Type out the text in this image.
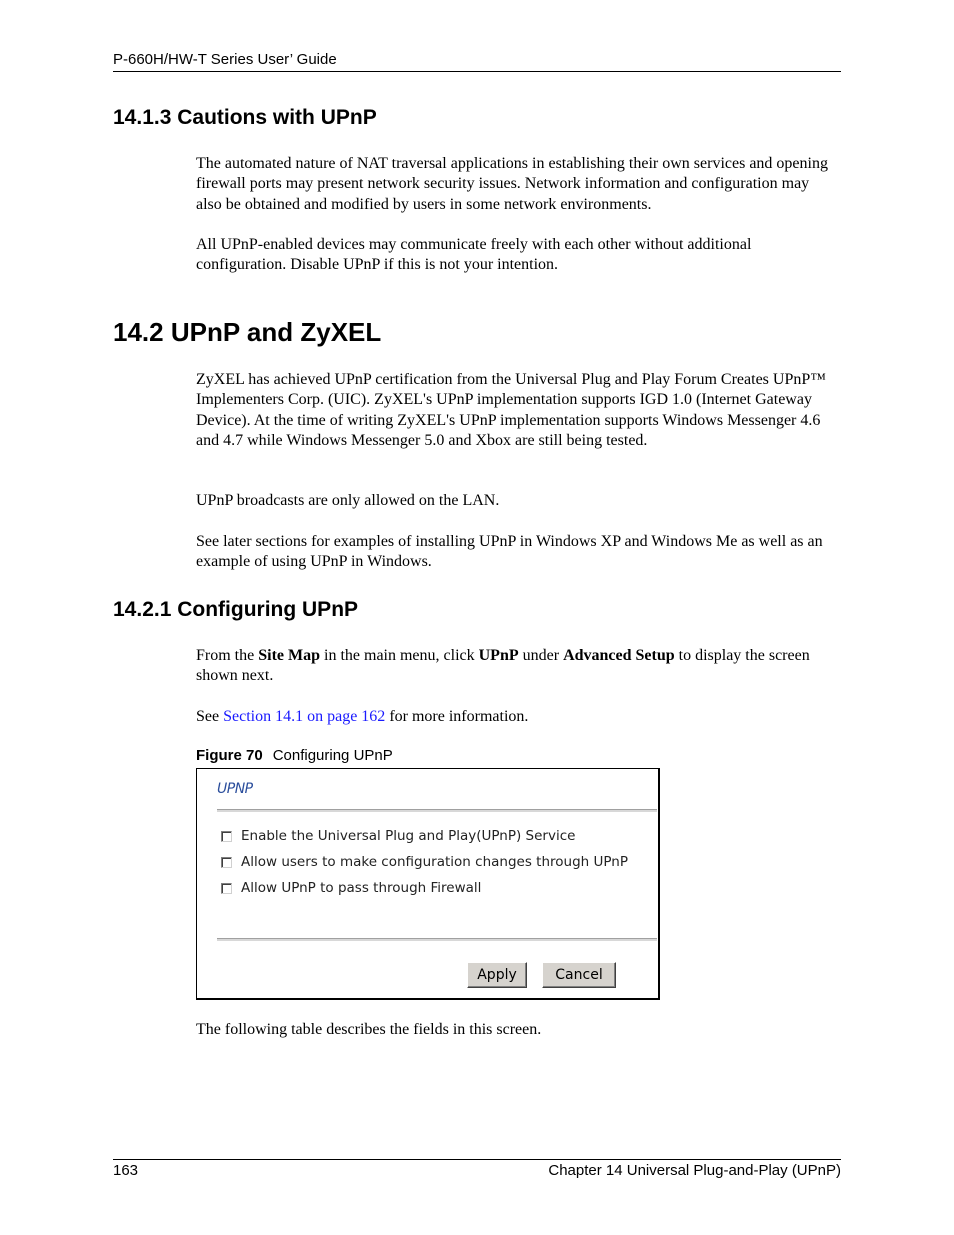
P-660H/HW-T Series User’ Guide
14.1.3 Cautions with UPnP
The automated nature of NAT traversal applications in establishing their own services and opening firewall ports may present network security issues. Network information and configuration may also be obtained and modified by users in some network environments.
All UPnP-enabled devices may communicate freely with each other without additional configuration. Disable UPnP if this is not your intention.
14.2 UPnP and ZyXEL
ZyXEL has achieved UPnP certification from the Universal Plug and Play Forum Creates UPnP™ Implementers Corp. (UIC). ZyXEL's UPnP implementation supports IGD 1.0 (Internet Gateway Device). At the time of writing ZyXEL's UPnP implementation supports Windows Messenger 4.6 and 4.7 while Windows Messenger 5.0 and Xbox are still being tested.
UPnP broadcasts are only allowed on the LAN.
See later sections for examples of installing UPnP in Windows XP and Windows Me as well as an example of using UPnP in Windows.
14.2.1 Configuring UPnP
From the Site Map in the main menu, click UPnP under Advanced Setup to display the screen shown next.
See Section 14.1 on page 162 for more information.
Figure 70 Configuring UPnP
UPNP
Enable the Universal Plug and Play(UPnP) Service
Allow users to make configuration changes through UPnP
Allow UPnP to pass through Firewall
Apply	Cancel
The following table describes the fields in this screen.
163	Chapter 14 Universal Plug-and-Play (UPnP)
